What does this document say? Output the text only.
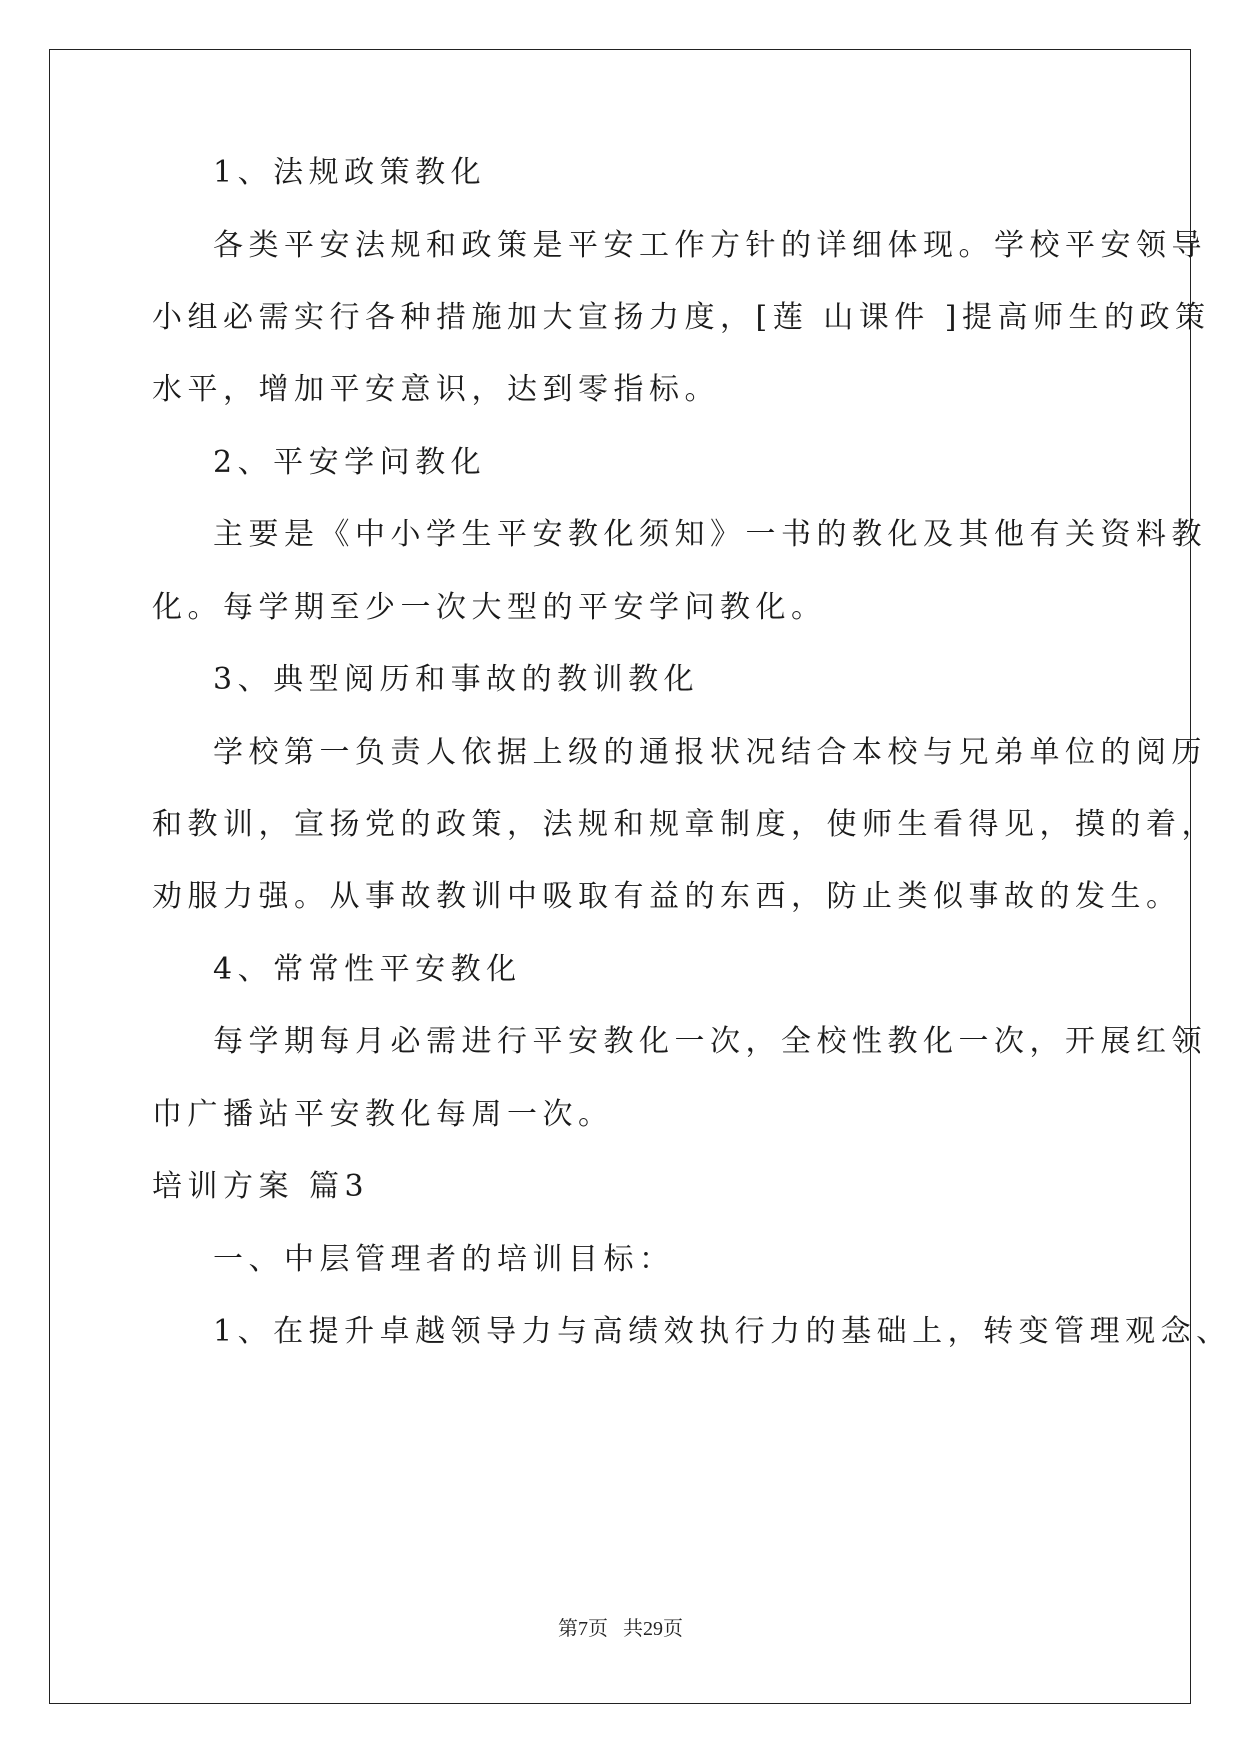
1、法规政策教化
各类平安法规和政策是平安工作方针的详细体现。学校平安领导
小组必需实行各种措施加大宣扬力度，[莲 山课件 ]提高师生的政策
水平，增加平安意识，达到零指标。
2、平安学问教化
主要是《中小学生平安教化须知》一书的教化及其他有关资料教
化。每学期至少一次大型的平安学问教化。
3、典型阅历和事故的教训教化
学校第一负责人依据上级的通报状况结合本校与兄弟单位的阅历
和教训，宣扬党的政策，法规和规章制度，使师生看得见，摸的着，
劝服力强。从事故教训中吸取有益的东西，防止类似事故的发生。
4、常常性平安教化
每学期每月必需进行平安教化一次，全校性教化一次，开展红领
巾广播站平安教化每周一次。
培训方案 篇3
一、中层管理者的培训目标：
1、在提升卓越领导力与高绩效执行力的基础上，转变管理观念、
第7页   共29页
